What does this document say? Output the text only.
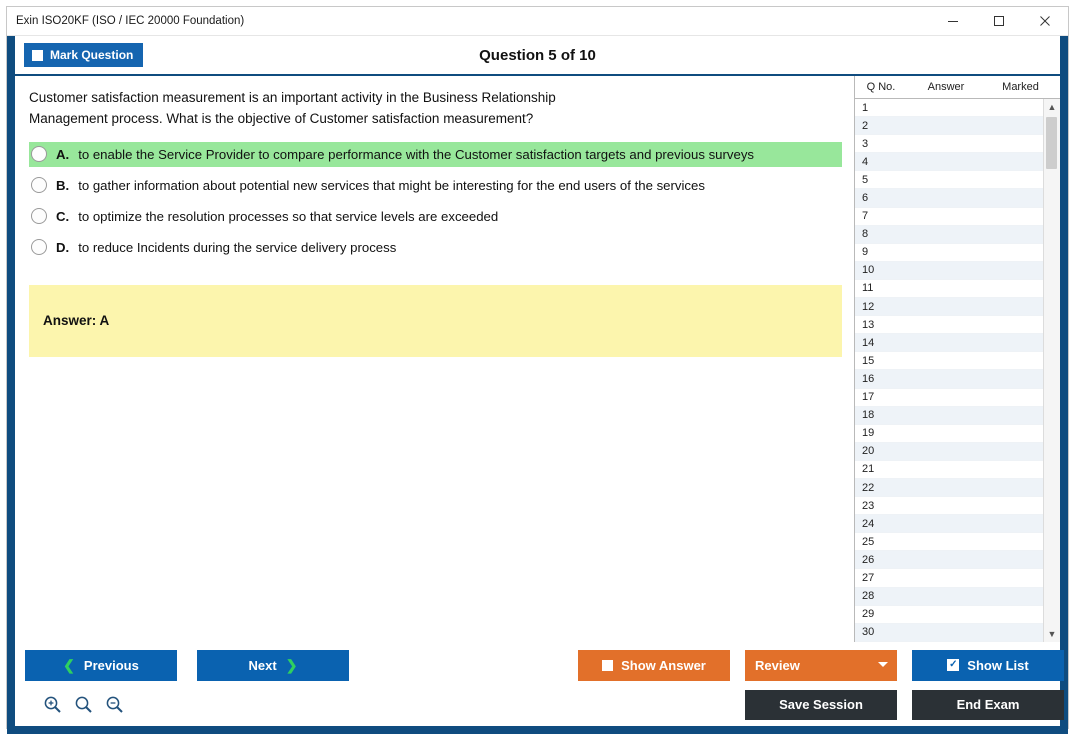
Exin ISO20KF (ISO / IEC 20000 Foundation)
Mark Question	Question 5 of 10
Customer satisfaction measurement is an important activity in the Business Relationship
Management process. What is the objective of Customer satisfaction measurement?
A. to enable the Service Provider to compare performance with the Customer satisfaction targets and previous surveys
B. to gather information about potential new services that might be interesting for the end users of the services
C. to optimize the resolution processes so that service levels are exceeded
D. to reduce Incidents during the service delivery process
Answer: A
Q No.	Answer	Marked
1
2
3
4
5
6
7
8
9
10
11
12
13
14
15
16
17
18
19
20
21
22
23
24
25
26
27
28
29
30
▲
▼
❮ Previous	Next ❯	Show Answer	Review	✓ Show List
Save Session	End Exam
